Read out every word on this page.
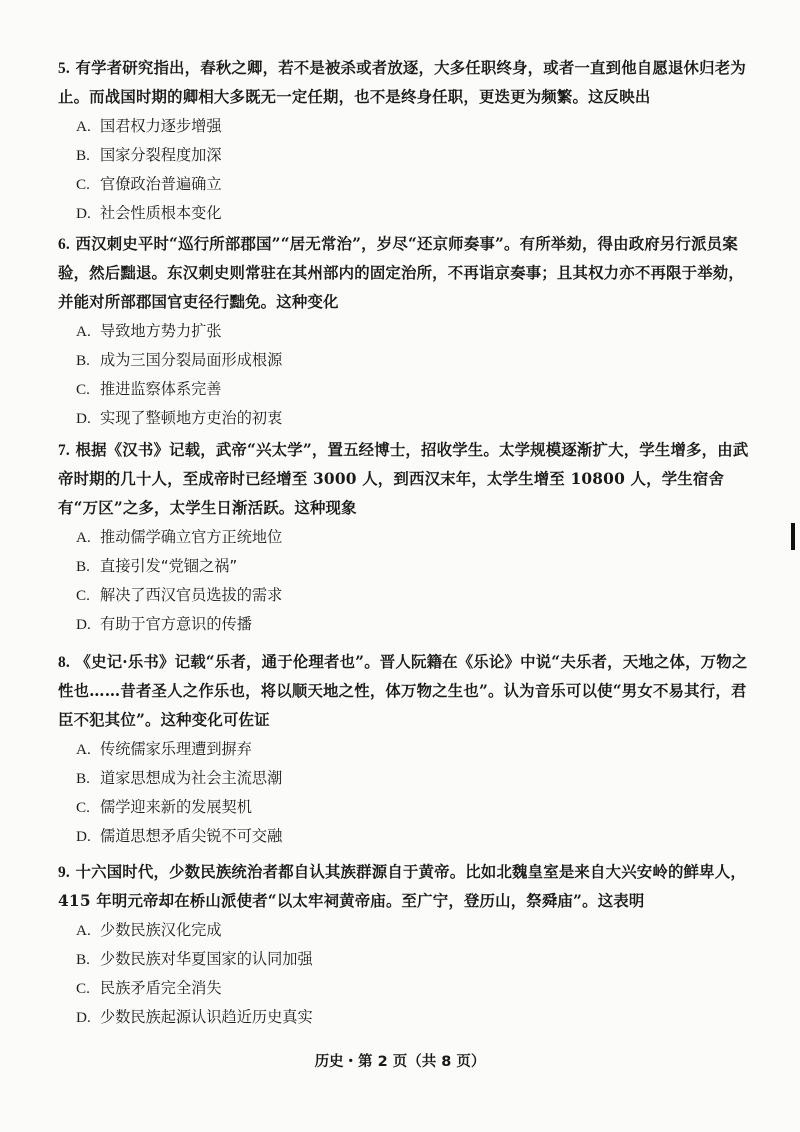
5. 有学者研究指出，春秋之卿，若不是被杀或者放逐，大多任职终身，或者一直到他自愿退休归老为止。而战国时期的卿相大多既无一定任期，也不是终身任职，更迭更为频繁。这反映出
A. 国君权力逐步增强
B. 国家分裂程度加深
C. 官僚政治普遍确立
D. 社会性质根本变化
6. 西汉刺史平时“巡行所部郡国”“居无常治”，岁尽“还京师奏事”。有所举劾，得由政府另行派员案验，然后黜退。东汉刺史则常驻在其州部内的固定治所，不再诣京奏事；且其权力亦不再限于举劾，并能对所部郡国官吏径行黜免。这种变化
A. 导致地方势力扩张
B. 成为三国分裂局面形成根源
C. 推进监察体系完善
D. 实现了整顿地方吏治的初衷
7. 根据《汉书》记载，武帝“兴太学”，置五经博士，招收学生。太学规模逐渐扩大，学生增多，由武帝时期的几十人，至成帝时已经增至 3000 人，到西汉末年，太学生增至 10800 人，学生宿舍有“万区”之多，太学生日渐活跃。这种现象
A. 推动儒学确立官方正统地位
B. 直接引发“党锢之祸”
C. 解决了西汉官员选拔的需求
D. 有助于官方意识的传播
8. 《史记·乐书》记载“乐者，通于伦理者也”。晋人阮籍在《乐论》中说“夫乐者，天地之体，万物之性也……昔者圣人之作乐也，将以顺天地之性，体万物之生也”。认为音乐可以使“男女不易其行，君臣不犯其位”。这种变化可佐证
A. 传统儒家乐理遭到摒弃
B. 道家思想成为社会主流思潮
C. 儒学迎来新的发展契机
D. 儒道思想矛盾尖锐不可交融
9. 十六国时代，少数民族统治者都自认其族群源自于黄帝。比如北魏皇室是来自大兴安岭的鲜卑人，415 年明元帝却在桥山派使者“以太牢祠黄帝庙。至广宁，登历山，祭舜庙”。这表明
A. 少数民族汉化完成
B. 少数民族对华夏国家的认同加强
C. 民族矛盾完全消失
D. 少数民族起源认识趋近历史真实
历史・第 2 页（共 8 页）
